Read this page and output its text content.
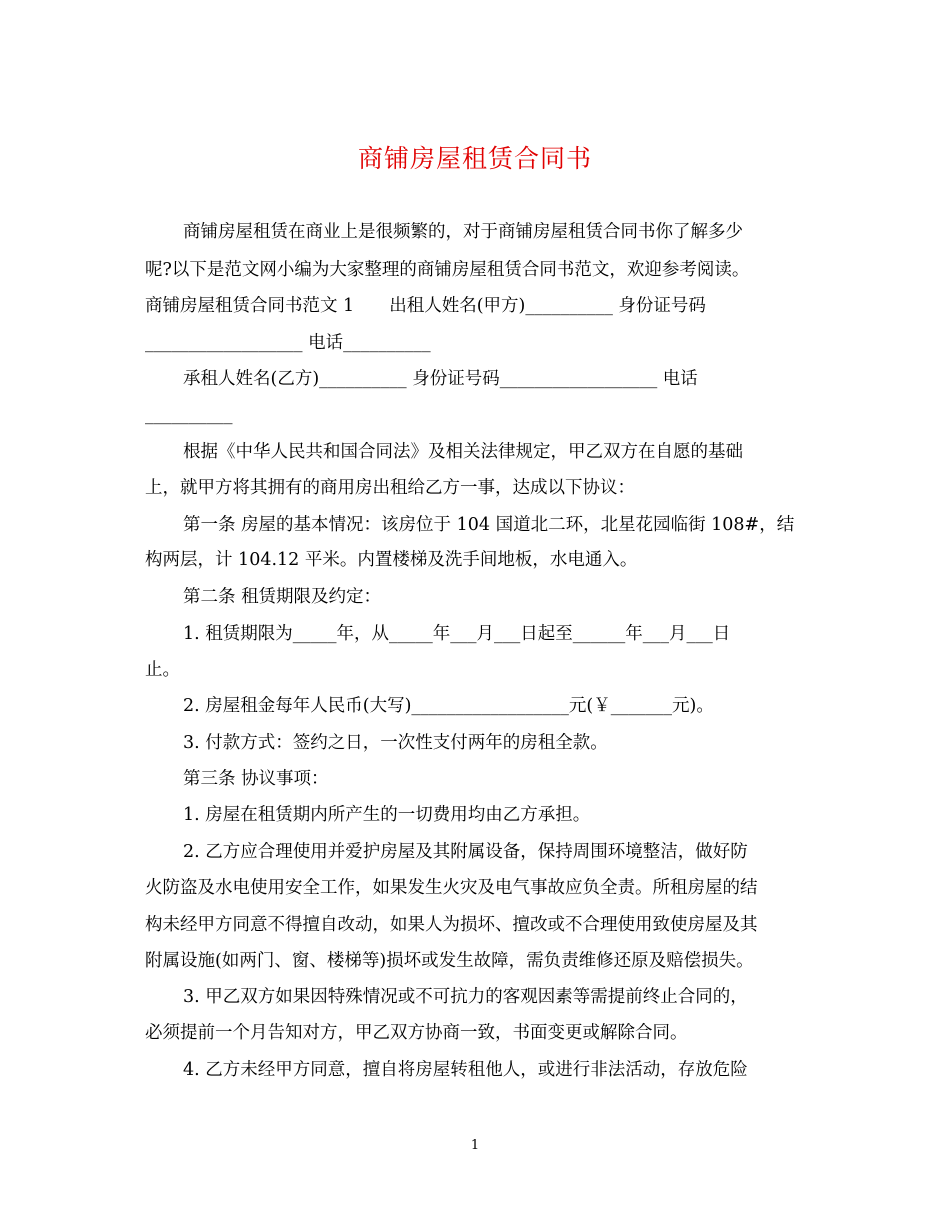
商铺房屋租赁合同书
商铺房屋租赁在商业上是很频繁的，对于商铺房屋租赁合同书你了解多少
呢?以下是范文网小编为大家整理的商铺房屋租赁合同书范文，欢迎参考阅读。
商铺房屋租赁合同书范文 1　　出租人姓名(甲方)__________ 身份证号码
__________________ 电话__________
承租人姓名(乙方)__________ 身份证号码__________________ 电话
__________
根据《中华人民共和国合同法》及相关法律规定，甲乙双方在自愿的基础
上，就甲方将其拥有的商用房出租给乙方一事，达成以下协议：
第一条 房屋的基本情况：该房位于 104 国道北二环，北星花园临街 108#，结
构两层，计 104.12 平米。内置楼梯及洗手间地板，水电通入。
第二条 租赁期限及约定：
1. 租赁期限为_____年，从_____年___月___日起至______年___月___日
止。
2. 房屋租金每年人民币(大写)__________________元(￥_______元)。
3. 付款方式：签约之日，一次性支付两年的房租全款。
第三条 协议事项：
1. 房屋在租赁期内所产生的一切费用均由乙方承担。
2. 乙方应合理使用并爱护房屋及其附属设备，保持周围环境整洁，做好防
火防盗及水电使用安全工作，如果发生火灾及电气事故应负全责。所租房屋的结
构未经甲方同意不得擅自改动，如果人为损坏、擅改或不合理使用致使房屋及其
附属设施(如两门、窗、楼梯等)损坏或发生故障，需负责维修还原及赔偿损失。
3. 甲乙双方如果因特殊情况或不可抗力的客观因素等需提前终止合同的，
必须提前一个月告知对方，甲乙双方协商一致，书面变更或解除合同。
4. 乙方未经甲方同意，擅自将房屋转租他人，或进行非法活动，存放危险
1
